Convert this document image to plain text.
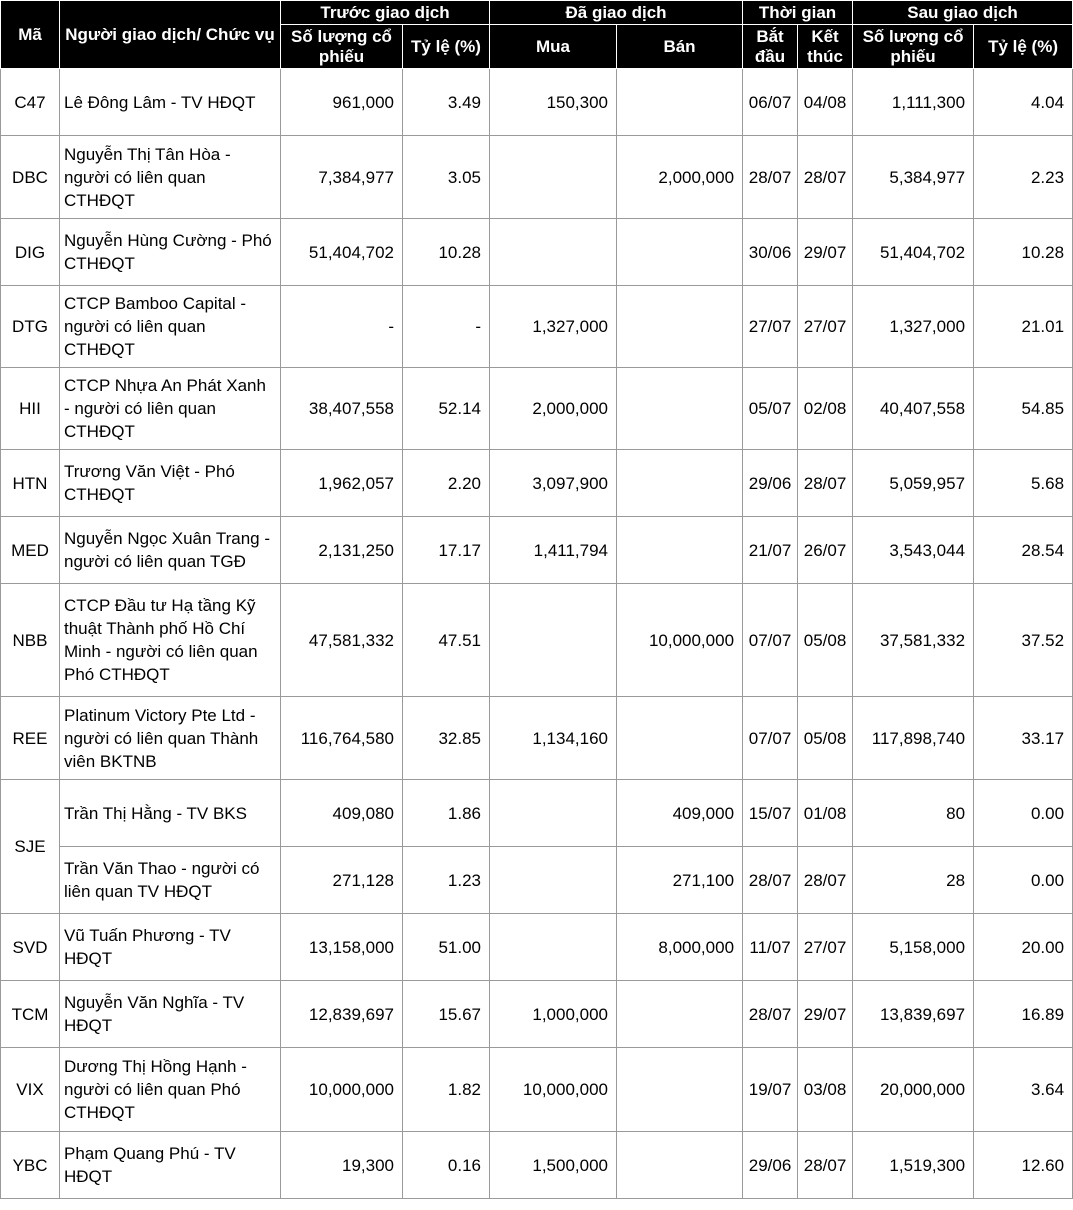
Mã	Người giao dịch/ Chức vụ	Trước giao dịch		Đã giao dịch		Thời gian		Sau giao dịch	
		Số lượng cổ phiếu	Tỷ lệ (%)	Mua	Bán	Bắt đầu	Kết thúc	Số lượng cổ phiếu	Tỷ lệ (%)
C47	Lê Đông Lâm - TV HĐQT	961,000	3.49	150,300		06/07	04/08	1,111,300	4.04
DBC	Nguyễn Thị Tân Hòa - người có liên quan CTHĐQT	7,384,977	3.05		2,000,000	28/07	28/07	5,384,977	2.23
DIG	Nguyễn Hùng Cường - Phó CTHĐQT	51,404,702	10.28			30/06	29/07	51,404,702	10.28
DTG	CTCP Bamboo Capital - người có liên quan CTHĐQT	-	-	1,327,000		27/07	27/07	1,327,000	21.01
HII	CTCP Nhựa An Phát Xanh - người có liên quan CTHĐQT	38,407,558	52.14	2,000,000		05/07	02/08	40,407,558	54.85
HTN	Trương Văn Việt - Phó CTHĐQT	1,962,057	2.20	3,097,900		29/06	28/07	5,059,957	5.68
MED	Nguyễn Ngọc Xuân Trang - người có liên quan TGĐ	2,131,250	17.17	1,411,794		21/07	26/07	3,543,044	28.54
NBB	CTCP Đầu tư Hạ tầng Kỹ thuật Thành phố Hồ Chí Minh - người có liên quan Phó CTHĐQT	47,581,332	47.51		10,000,000	07/07	05/08	37,581,332	37.52
REE	Platinum Victory Pte Ltd - người có liên quan Thành viên BKTNB	116,764,580	32.85	1,134,160		07/07	05/08	117,898,740	33.17
SJE	Trần Thị Hằng - TV BKS	409,080	1.86		409,000	15/07	01/08	80	0.00
	Trần Văn Thao - người có liên quan TV HĐQT	271,128	1.23		271,100	28/07	28/07	28	0.00
SVD	Vũ Tuấn Phương - TV HĐQT	13,158,000	51.00		8,000,000	11/07	27/07	5,158,000	20.00
TCM	Nguyễn Văn Nghĩa - TV HĐQT	12,839,697	15.67	1,000,000		28/07	29/07	13,839,697	16.89
VIX	Dương Thị Hồng Hạnh - người có liên quan Phó CTHĐQT	10,000,000	1.82	10,000,000		19/07	03/08	20,000,000	3.64
YBC	Phạm Quang Phú - TV HĐQT	19,300	0.16	1,500,000		29/06	28/07	1,519,300	12.60
